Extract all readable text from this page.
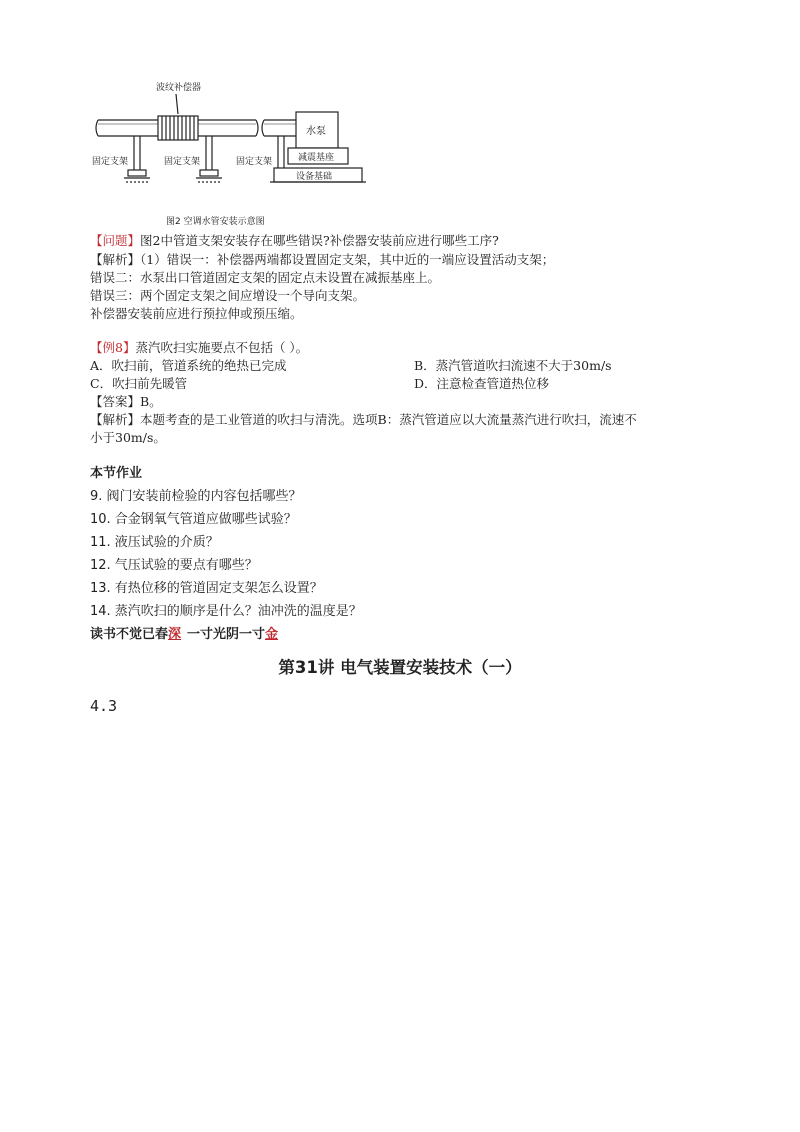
波纹补偿器
固定支架	固定支架	固定支架
水泵
减震基座
设备基础
图2 空调水管安装示意图
【问题】图2中管道支架安装存在哪些错误?补偿器安装前应进行哪些工序?
【解析】（1）错误一：补偿器两端都设置固定支架，其中近的一端应设置活动支架；
错误二：水泵出口管道固定支架的固定点未设置在减振基座上。
错误三：两个固定支架之间应增设一个导向支架。
补偿器安装前应进行预拉伸或预压缩。
【例8】蒸汽吹扫实施要点不包括（ ）。
A．吹扫前，管道系统的绝热已完成	B．蒸汽管道吹扫流速不大于30m/s
C．吹扫前先暖管	D．注意检查管道热位移
【答案】B。
【解析】本题考查的是工业管道的吹扫与清洗。选项B：蒸汽管道应以大流量蒸汽进行吹扫，流速不
小于30m/s。
本节作业
9. 阀门安装前检验的内容包括哪些？
10. 合金钢氧气管道应做哪些试验？
11. 液压试验的介质？
12. 气压试验的要点有哪些？
13. 有热位移的管道固定支架怎么设置？
14. 蒸汽吹扫的顺序是什么？油冲洗的温度是？
读书不觉已春深 一寸光阴一寸金
第31讲 电气装置安装技术（一）
4.3
